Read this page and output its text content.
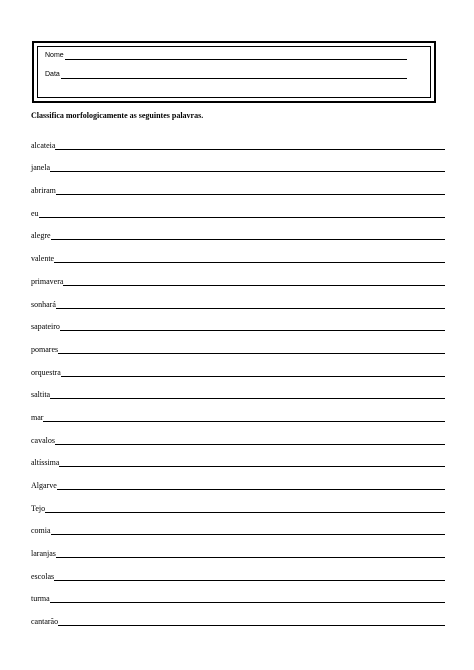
Nome
Data
Classifica morfologicamente as seguintes palavras.
alcateia
janela
abriram
eu
alegre
valente
primavera
sonhará
sapateiro
pomares
orquestra
saltita
mar
cavalos
altíssima
Algarve
Tejo
comia
laranjas
escolas
turma
cantarão
